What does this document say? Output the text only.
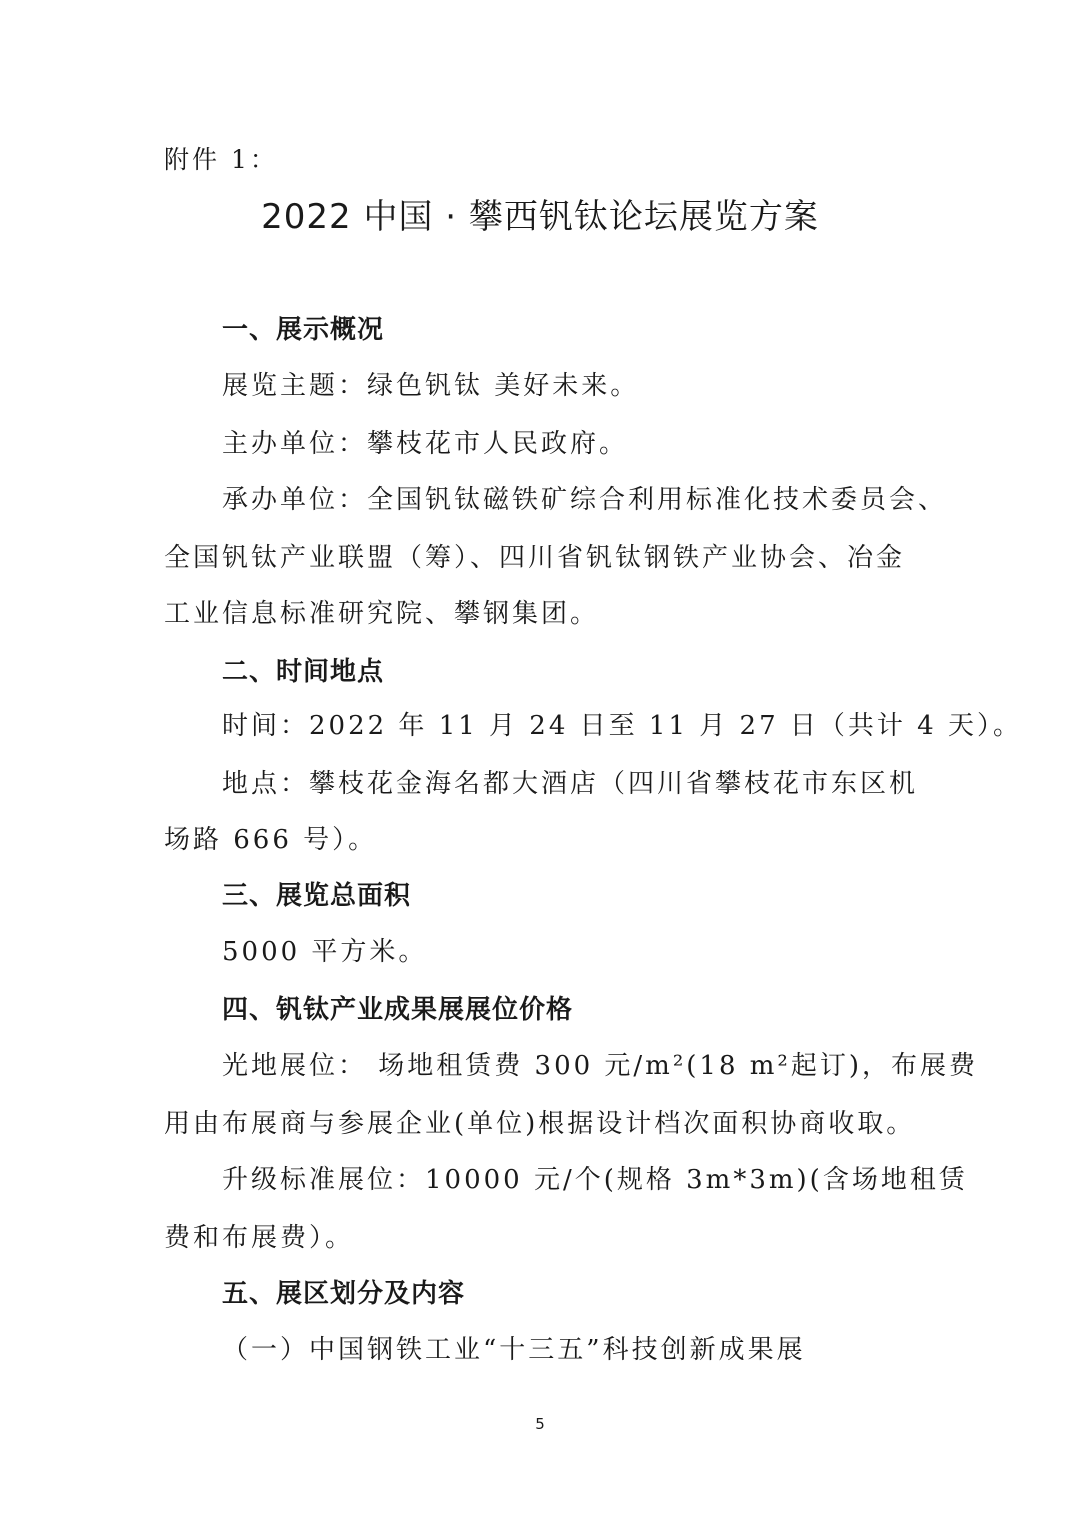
附件 1：
2022 中国 · 攀西钒钛论坛展览方案
一、展示概况
展览主题：绿色钒钛 美好未来。
主办单位：攀枝花市人民政府。
承办单位：全国钒钛磁铁矿综合利用标准化技术委员会、
全国钒钛产业联盟（筹）、四川省钒钛钢铁产业协会、冶金
工业信息标准研究院、攀钢集团。
二、时间地点
时间：2022 年 11 月 24 日至 11 月 27 日（共计 4 天）。
地点：攀枝花金海名都大酒店（四川省攀枝花市东区机
场路 666 号）。
三、展览总面积
5000 平方米。
四、钒钛产业成果展展位价格
光地展位： 场地租赁费 300 元/m²(18 m²起订)，布展费
用由布展商与参展企业(单位)根据设计档次面积协商收取。
升级标准展位：10000 元/个(规格 3m*3m)(含场地租赁
费和布展费）。
五、展区划分及内容
（一）中国钢铁工业“十三五”科技创新成果展
5
